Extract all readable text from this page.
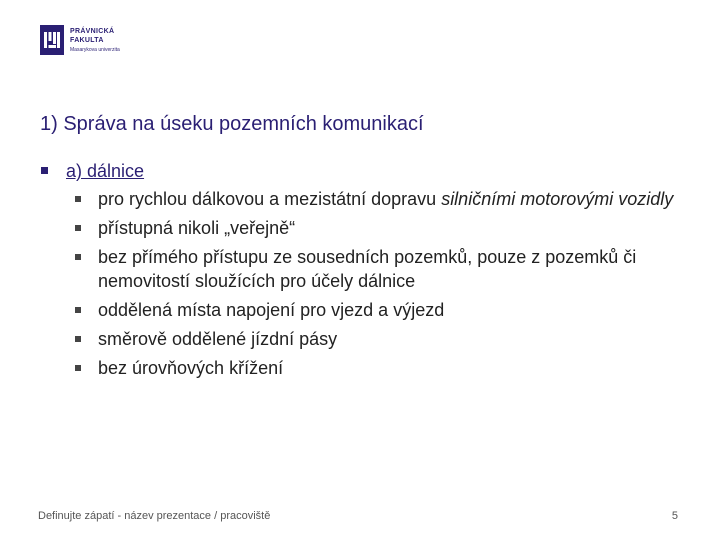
PRÁVNICKÁ
FAKULTA
Masarykova univerzita
1) Správa na úseku pozemních komunikací
a) dálnice
pro rychlou dálkovou a mezistátní dopravu silničními motorovými vozidly
přístupná nikoli „veřejně“
bez přímého přístupu ze sousedních pozemků, pouze z pozemků či nemovitostí sloužících pro účely dálnice
oddělená místa napojení pro vjezd a výjezd
směrově oddělené jízdní pásy
bez úrovňových křížení
Definujte zápatí - název prezentace / pracoviště	5
